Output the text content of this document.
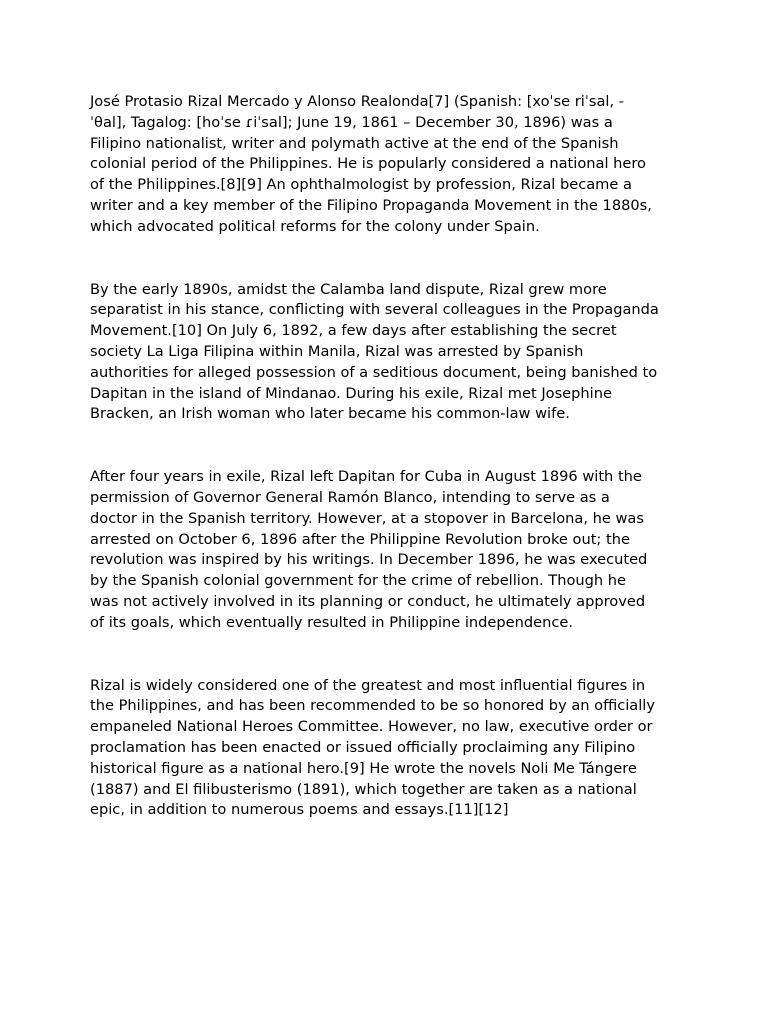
José Protasio Rizal Mercado y Alonso Realonda[7] (Spanish: [xoˈse riˈsal, -
ˈθal], Tagalog: [hoˈse ɾiˈsal]; June 19, 1861 – December 30, 1896) was a
Filipino nationalist, writer and polymath active at the end of the Spanish
colonial period of the Philippines. He is popularly considered a national hero
of the Philippines.[8][9] An ophthalmologist by profession, Rizal became a
writer and a key member of the Filipino Propaganda Movement in the 1880s,
which advocated political reforms for the colony under Spain.

By the early 1890s, amidst the Calamba land dispute, Rizal grew more
separatist in his stance, conflicting with several colleagues in the Propaganda
Movement.[10] On July 6, 1892, a few days after establishing the secret
society La Liga Filipina within Manila, Rizal was arrested by Spanish
authorities for alleged possession of a seditious document, being banished to
Dapitan in the island of Mindanao. During his exile, Rizal met Josephine
Bracken, an Irish woman who later became his common-law wife.

After four years in exile, Rizal left Dapitan for Cuba in August 1896 with the
permission of Governor General Ramón Blanco, intending to serve as a
doctor in the Spanish territory. However, at a stopover in Barcelona, he was
arrested on October 6, 1896 after the Philippine Revolution broke out; the
revolution was inspired by his writings. In December 1896, he was executed
by the Spanish colonial government for the crime of rebellion. Though he
was not actively involved in its planning or conduct, he ultimately approved
of its goals, which eventually resulted in Philippine independence.

Rizal is widely considered one of the greatest and most influential figures in
the Philippines, and has been recommended to be so honored by an officially
empaneled National Heroes Committee. However, no law, executive order or
proclamation has been enacted or issued officially proclaiming any Filipino
historical figure as a national hero.[9] He wrote the novels Noli Me Tángere
(1887) and El filibusterismo (1891), which together are taken as a national
epic, in addition to numerous poems and essays.[11][12]
